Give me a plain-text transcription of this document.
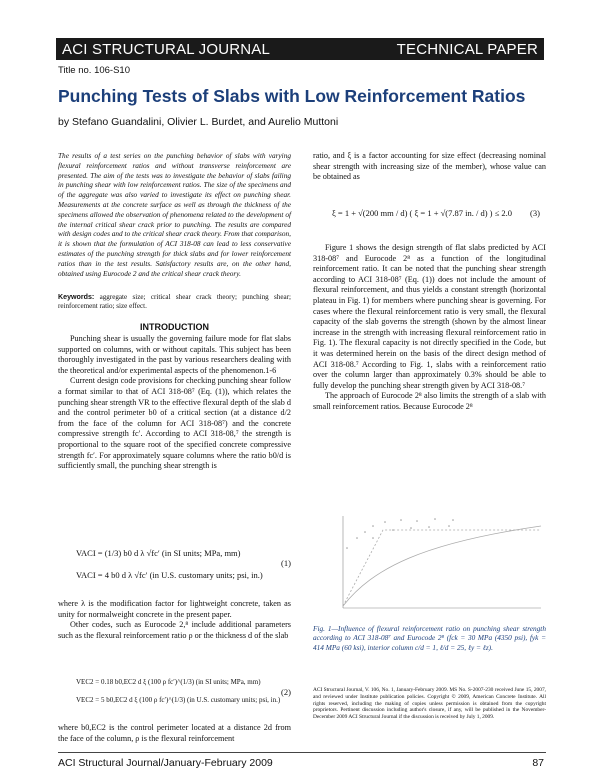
ACI STRUCTURAL JOURNAL	TECHNICAL PAPER
Title no. 106-S10
Punching Tests of Slabs with Low Reinforcement Ratios
by Stefano Guandalini, Olivier L. Burdet, and Aurelio Muttoni
The results of a test series on the punching behavior of slabs with varying flexural reinforcement ratios and without transverse reinforcement are presented. The aim of the tests was to investigate the behavior of slabs failing in punching shear with low reinforcement ratios. The size of the specimens and of the aggregate was also varied to investigate its effect on punching shear. Measurements at the concrete surface as well as through the thickness of the specimens allowed the observation of phenomena related to the development of the internal critical shear crack prior to punching. The results are compared with design codes and to the critical shear crack theory. From that comparison, it is shown that the formulation of ACI 318-08 can lead to less conservative estimates of the punching strength for thick slabs and for lower reinforcement ratios than in the test results. Satisfactory results are, on the other hand, obtained using Eurocode 2 and the critical shear crack theory.
Keywords: aggregate size; critical shear crack theory; punching shear; reinforcement ratio; size effect.
INTRODUCTION

Punching shear is usually the governing failure mode for flat slabs supported on columns, with or without capitals. This subject has been thoroughly investigated in the past by various researchers dealing with the theoretical and/or experimental aspects of the phenomenon.1-6

Current design code provisions for checking punching shear follow a format similar to that of ACI 318-08⁷ (Eq. (1)), which relates the punching shear strength VR to the effective flexural depth of the slab d and the control perimeter b0 of a critical section (at a distance d/2 from the face of the column for ACI 318-08⁷) and the concrete compressive strength fc′. According to ACI 318-08,⁷ the strength is proportional to the square root of the specified concrete compressive strength fc′. For approximately square columns where the ratio b0/d is sufficiently small, the punching shear strength is

VACI = (1/3) b0 d λ √fc′ (in SI units; MPa, mm)
VACI = 4 b0 d λ √fc′ (in U.S. customary units; psi, in.)
(1)

where λ is the modification factor for lightweight concrete, taken as unity for normalweight concrete in the present paper.

Other codes, such as Eurocode 2,⁸ include additional parameters such as the flexural reinforcement ratio ρ or the thickness d of the slab

VEC2 = 0.18 b0,EC2 d ξ (100 ρ fc′)^(1/3) (in SI units; MPa, mm)
VEC2 = 5 b0,EC2 d ξ (100 ρ fc′)^(1/3) (in U.S. customary units; psi, in.)
(2)

where b0,EC2 is the control perimeter located at a distance 2d from the face of the column, ρ is the flexural reinforcement

ratio, and ξ is a factor accounting for size effect (decreasing nominal shear strength with increasing size of the member), whose value can be obtained as

ξ = 1 + √(200 mm / d) ( ξ = 1 + √(7.87 in. / d) ) ≤ 2.0 (3)

Figure 1 shows the design strength of flat slabs predicted by ACI 318-08⁷ and Eurocode 2⁸ as a function of the longitudinal reinforcement ratio. It can be noted that the punching shear strength according to ACI 318-08⁷ (Eq. (1)) does not include the amount of flexural reinforcement, and thus yields a constant strength (horizontal plateau in Fig. 1) for members where punching shear is governing. For cases where the flexural reinforcement ratio is very small, the flexural capacity of the slab governs the strength (shown by the almost linear increase in the strength with increasing flexural reinforcement ratio in Fig. 1). The flexural capacity is not directly specified in the Code, but it was determined herein on the basis of the direct design method of ACI 318-08.⁷ According to Fig. 1, slabs with a reinforcement ratio over the column larger than approximately 0.3% should be able to fully develop the punching shear strength given by ACI 318-08.⁷

The approach of Eurocode 2⁸ also limits the strength of a slab with small reinforcement ratios. Because Eurocode 2⁸

Fig. 1—Influence of flexural reinforcement ratio on punching shear strength according to ACI 318-08⁷ and Eurocode 2⁸ (fck = 30 MPa (4350 psi), fyk = 414 MPa (60 ksi), interior column c/d = 1, ℓ/d = 25, ℓy = ℓz).
ACI Structural Journal, V. 106, No. 1, January-February 2009. MS No. S-2007-230 received June 15, 2007, and reviewed under Institute publication policies. Copyright © 2009, American Concrete Institute. All rights reserved, including the making of copies unless permission is obtained from the copyright proprietors. Pertinent discussion including author's closure, if any, will be published in the November-December 2009 ACI Structural Journal if the discussion is received by July 1, 2009.
ACI Structural Journal/January-February 2009	87
